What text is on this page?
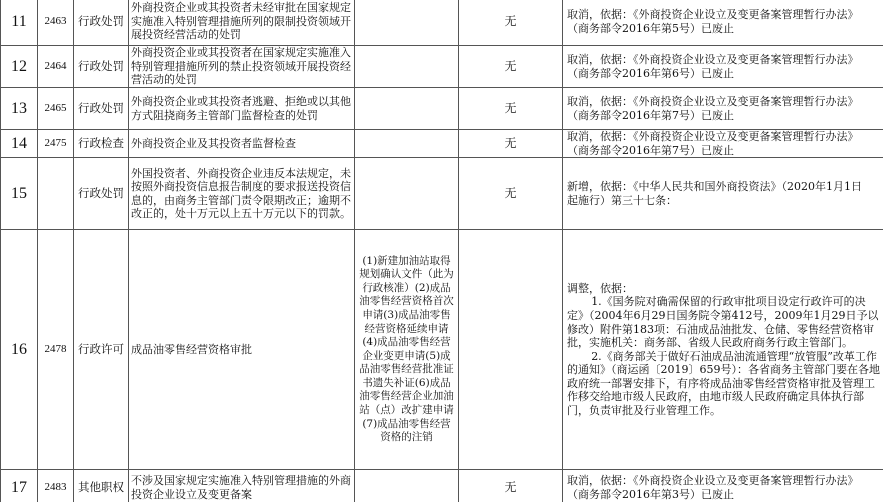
11	2463	行政处罚	外商投资企业或其投资者未经审批在国家规定实施准入特别管理措施所列的限制投资领域开展投资经营活动的处罚		无	取消，依据：《外商投资企业设立及变更备案管理暂行办法》
（商务部令2016年第5号）已废止

12	2464	行政处罚	外商投资企业或其投资者在国家规定实施准入特别管理措施所列的禁止投资领域开展投资经营活动的处罚		无	取消，依据：《外商投资企业设立及变更备案管理暂行办法》
（商务部令2016年第6号）已废止

13	2465	行政处罚	外商投资企业或其投资者逃避、拒绝或以其他方式阻挠商务主管部门监督检查的处罚		无	取消，依据：《外商投资企业设立及变更备案管理暂行办法》
（商务部令2016年第7号）已废止

14	2475	行政检查	外商投资企业及其投资者监督检查		无	取消，依据：《外商投资企业设立及变更备案管理暂行办法》
（商务部令2016年第7号）已废止

15		行政处罚	外国投资者、外商投资企业违反本法规定，未按照外商投资信息报告制度的要求报送投资信息的，由商务主管部门责令限期改正；逾期不改正的，处十万元以上五十万元以下的罚款。		无	新增，依据：《中华人民共和国外商投资法》（2020年1月1日
起施行）第三十七条：

16	2478	行政许可	成品油零售经营资格审批	(1)新建加油站取得规划确认文件（此为行政核准）(2)成品油零售经营资格首次申请(3)成品油零售经营资格延续申请(4)成品油零售经营企业变更申请(5)成品油零售经营批准证书遗失补证(6)成品油零售经营企业加油站（点）改扩建申请(7)成品油零售经营资格的注销		调整，依据：
1.《国务院对确需保留的行政审批项目设定行政许可的决定》（2004年6月29日国务院令第412号，2009年1月29日予以修改）附件第183项：石油成品油批发、仓储、零售经营资格审批，实施机关：商务部、省级人民政府商务行政主管部门。
2.《商务部关于做好石油成品油流通管理“放管服”改革工作的通知》（商运函〔2019〕659号）：各省商务主管部门要在各地政府统一部署安排下，有序将成品油零售经营资格审批及管理工作移交给地市级人民政府，由地市级人民政府确定具体执行部门，负责审批及行业管理工作。

17	2483	其他职权	不涉及国家规定实施准入特别管理措施的外商投资企业设立及变更备案		无	取消，依据：《外商投资企业设立及变更备案管理暂行办法》
（商务部令2016年第3号）已废止
